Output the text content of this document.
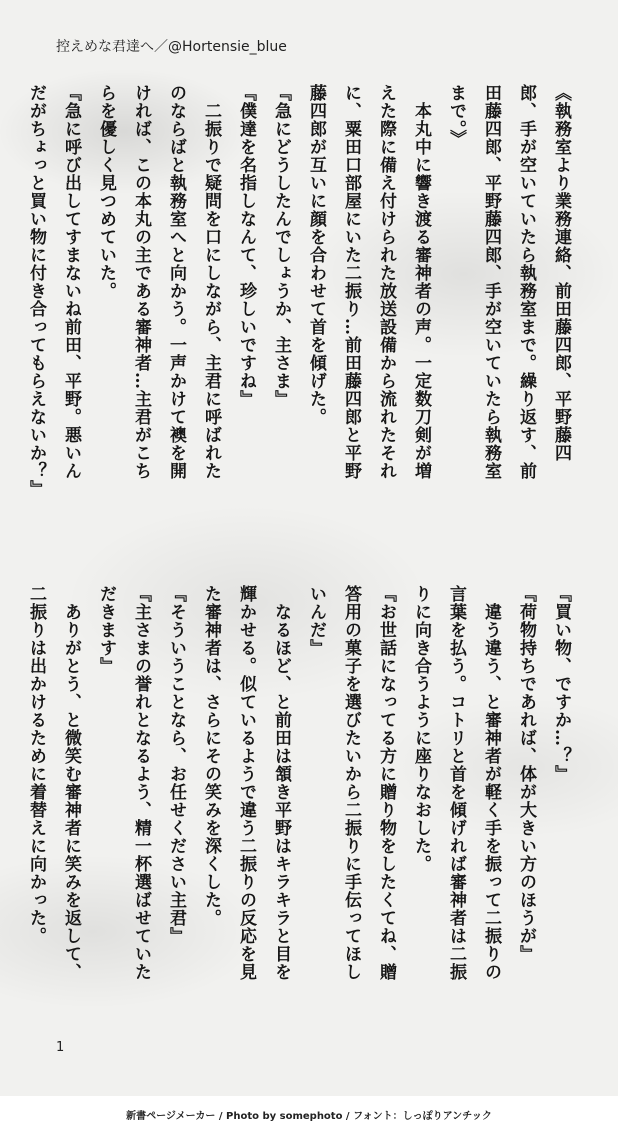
控えめな君達へ／@Hortensie_blue

《執務室より業務連絡、前田藤四郎、平野藤四

郎、手が空いていたら執務室まで。繰り返す、前

田藤四郎、平野藤四郎、手が空いていたら執務室

まで。》

　本丸中に響き渡る審神者の声。一定数刀剣が増

えた際に備え付けられた放送設備から流れたそれ

に、粟田口部屋にいた二振り…前田藤四郎と平野

藤四郎が互いに顔を合わせて首を傾げた。

『急にどうしたんでしょうか、主さま』

『僕達を名指しなんて、珍しいですね』

　二振りで疑問を口にしながら、主君に呼ばれた

のならばと執務室へと向かう。一声かけて襖を開

ければ、この本丸の主である審神者…主君がこち

らを優しく見つめていた。

『急に呼び出してすまないね前田、平野。悪いん

だがちょっと買い物に付き合ってもらえないか？』

『買い物、ですか…？』

『荷物持ちであれば、体が大きい方のほうが』

　違う違う、と審神者が軽く手を振って二振りの

言葉を払う。コトリと首を傾げれば審神者は二振

りに向き合うように座りなおした。

『お世話になってる方に贈り物をしたくてね、贈

答用の菓子を選びたいから二振りに手伝ってほし

いんだ』

　なるほど、と前田は頷き平野はキラキラと目を

輝かせる。似ているようで違う二振りの反応を見

た審神者は、さらにその笑みを深くした。

『そういうことなら、お任せください主君』

『主さまの誉れとなるよう、精一杯選ばせていた

だきます』

　ありがとう、と微笑む審神者に笑みを返して、

二振りは出かけるために着替えに向かった。

1
新書ページメーカー / Photo by somephoto / フォント：しっぽりアンチック
